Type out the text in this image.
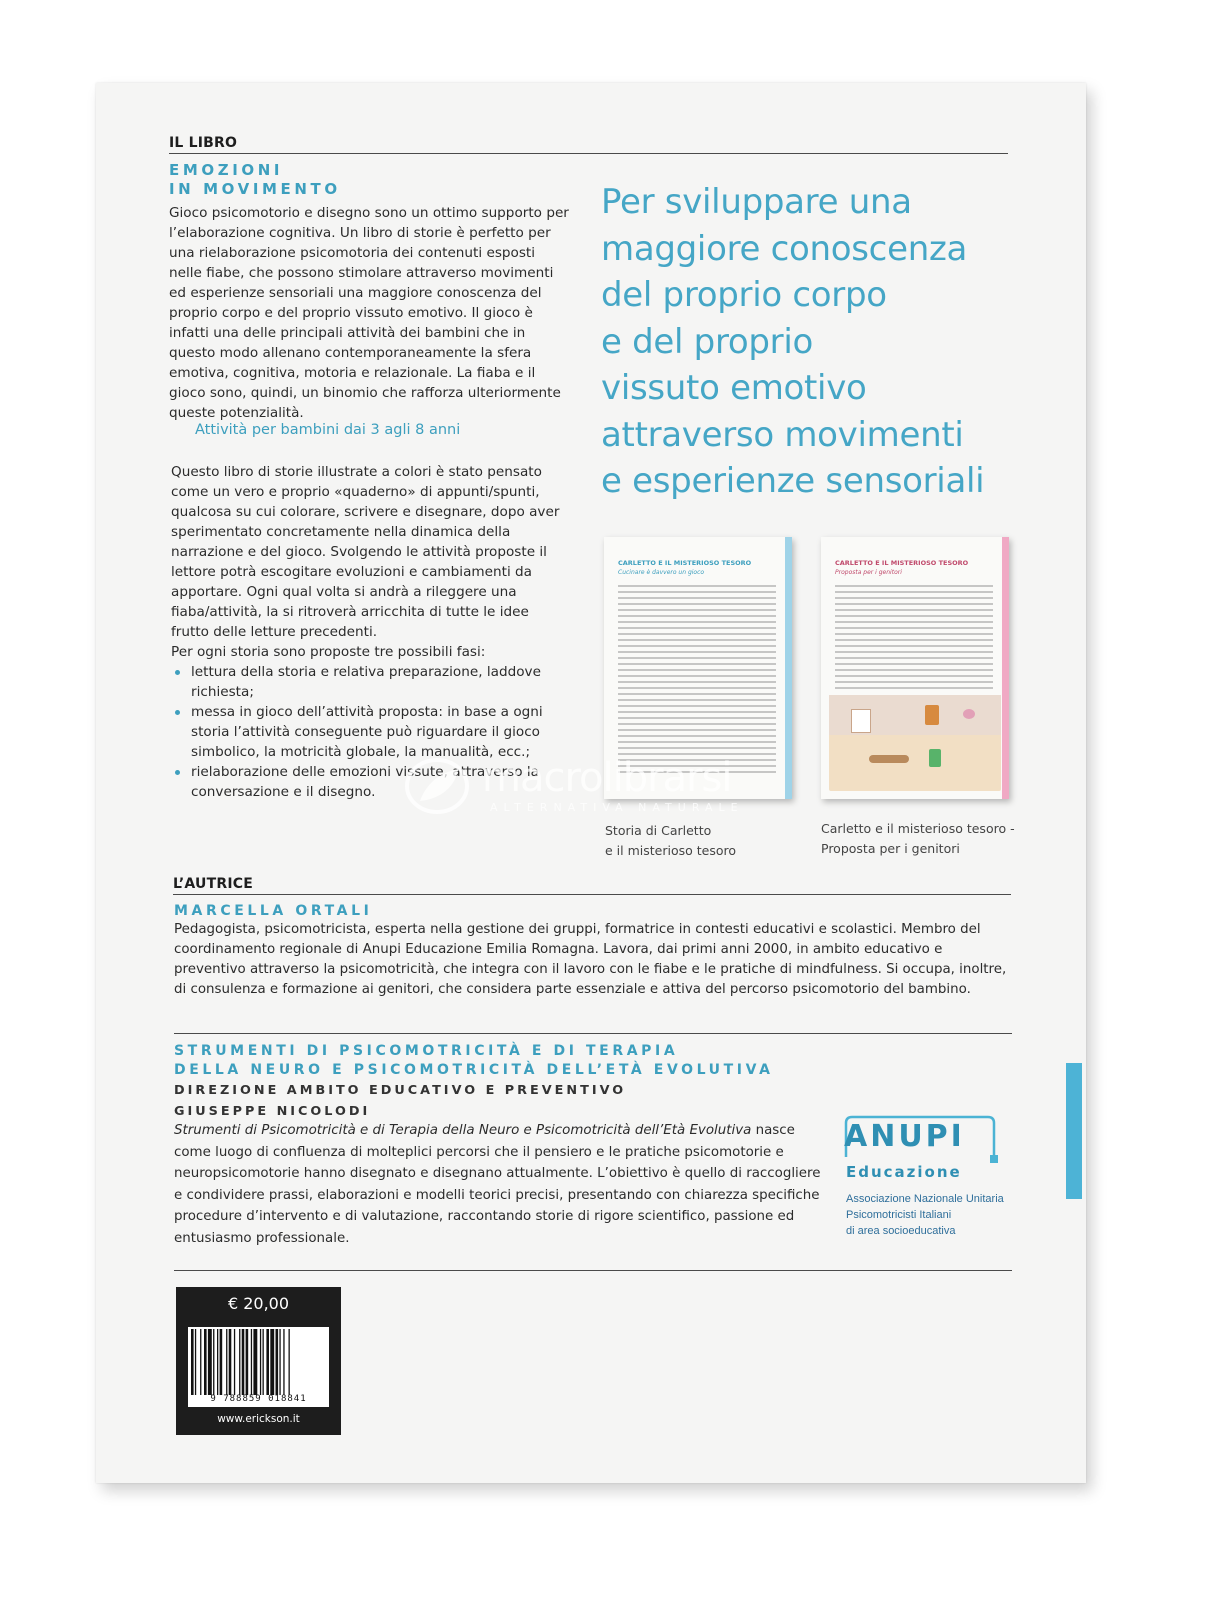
IL LIBRO
EMOZIONI
IN MOVIMENTO
Gioco psicomotorio e disegno sono un ottimo supporto per l’elaborazione cognitiva. Un libro di storie è perfetto per una rielaborazione psicomotoria dei contenuti esposti nelle fiabe, che possono stimolare attraverso movimenti ed esperienze sensoriali una maggiore conoscenza del proprio corpo e del proprio vissuto emotivo. Il gioco è infatti una delle principali attività dei bambini che in questo modo allenano contemporaneamente la sfera emotiva, cognitiva, motoria e relazionale. La fiaba e il gioco sono, quindi, un binomio che rafforza ulteriormente queste potenzialità.
Attività per bambini dai 3 agli 8 anni

Questo libro di storie illustrate a colori è stato pensato come un vero e proprio «quaderno» di appunti/spunti, qualcosa su cui colorare, scrivere e disegnare, dopo aver sperimentato concretamente nella dinamica della narrazione e del gioco. Svolgendo le attività proposte il lettore potrà escogitare evoluzioni e cambiamenti da apportare. Ogni qual volta si andrà a rileggere una fiaba/attività, la si ritroverà arricchita di tutte le idee frutto delle letture precedenti.

Per ogni storia sono proposte tre possibili fasi:

lettura della storia e relativa preparazione, laddove richiesta;
messa in gioco dell’attività proposta: in base a ogni storia l’attività conseguente può riguardare il gioco simbolico, la motricità globale, la manualità, ecc.;
rielaborazione delle emozioni vissute, attraverso la conversazione e il disegno.
Per sviluppare una
maggiore conoscenza
del proprio corpo
e del proprio
vissuto emotivo
attraverso movimenti
e esperienze sensoriali
CARLETTO E IL MISTERIOSO TESORO
Cucinare è davvero un gioco
Storia di Carletto
e il misterioso tesoro
CARLETTO E IL MISTERIOSO TESORO
Proposta per i genitori
Carletto e il misterioso tesoro -
Proposta per i genitori
macrolibrarsi
ALTERNATIVA NATURALE
L’AUTRICE
MARCELLA ORTALI
Pedagogista, psicomotricista, esperta nella gestione dei gruppi, formatrice in contesti educativi e scolastici. Membro del coordinamento regionale di Anupi Educazione Emilia Romagna. Lavora, dai primi anni 2000, in ambito educativo e preventivo attraverso la psicomotricità, che integra con il lavoro con le fiabe e le pratiche di mindfulness. Si occupa, inoltre, di consulenza e formazione ai genitori, che considera parte essenziale e attiva del percorso psicomotorio del bambino.
STRUMENTI DI PSICOMOTRICITÀ E DI TERAPIA
DELLA NEURO E PSICOMOTRICITÀ DELL’ETÀ EVOLUTIVA
DIREZIONE AMBITO EDUCATIVO E PREVENTIVO
GIUSEPPE NICOLODI
Strumenti di Psicomotricità e di Terapia della Neuro e Psicomotricità dell’Età Evolutiva nasce come luogo di confluenza di molteplici percorsi che il pensiero e le pratiche psicomotorie e neuropsicomotorie hanno disegnato e disegnano attualmente. L’obiettivo è quello di raccogliere e condividere prassi, elaborazioni e modelli teorici precisi, presentando con chiarezza specifiche procedure d’intervento e di valutazione, raccontando storie di rigore scientifico, passione ed entusiasmo professionale.
ANUPI
Educazione
Associazione Nazionale Unitaria
Psicomotricisti Italiani
di area socioeducativa
€ 20,00
9 788859 018841
www.erickson.it
